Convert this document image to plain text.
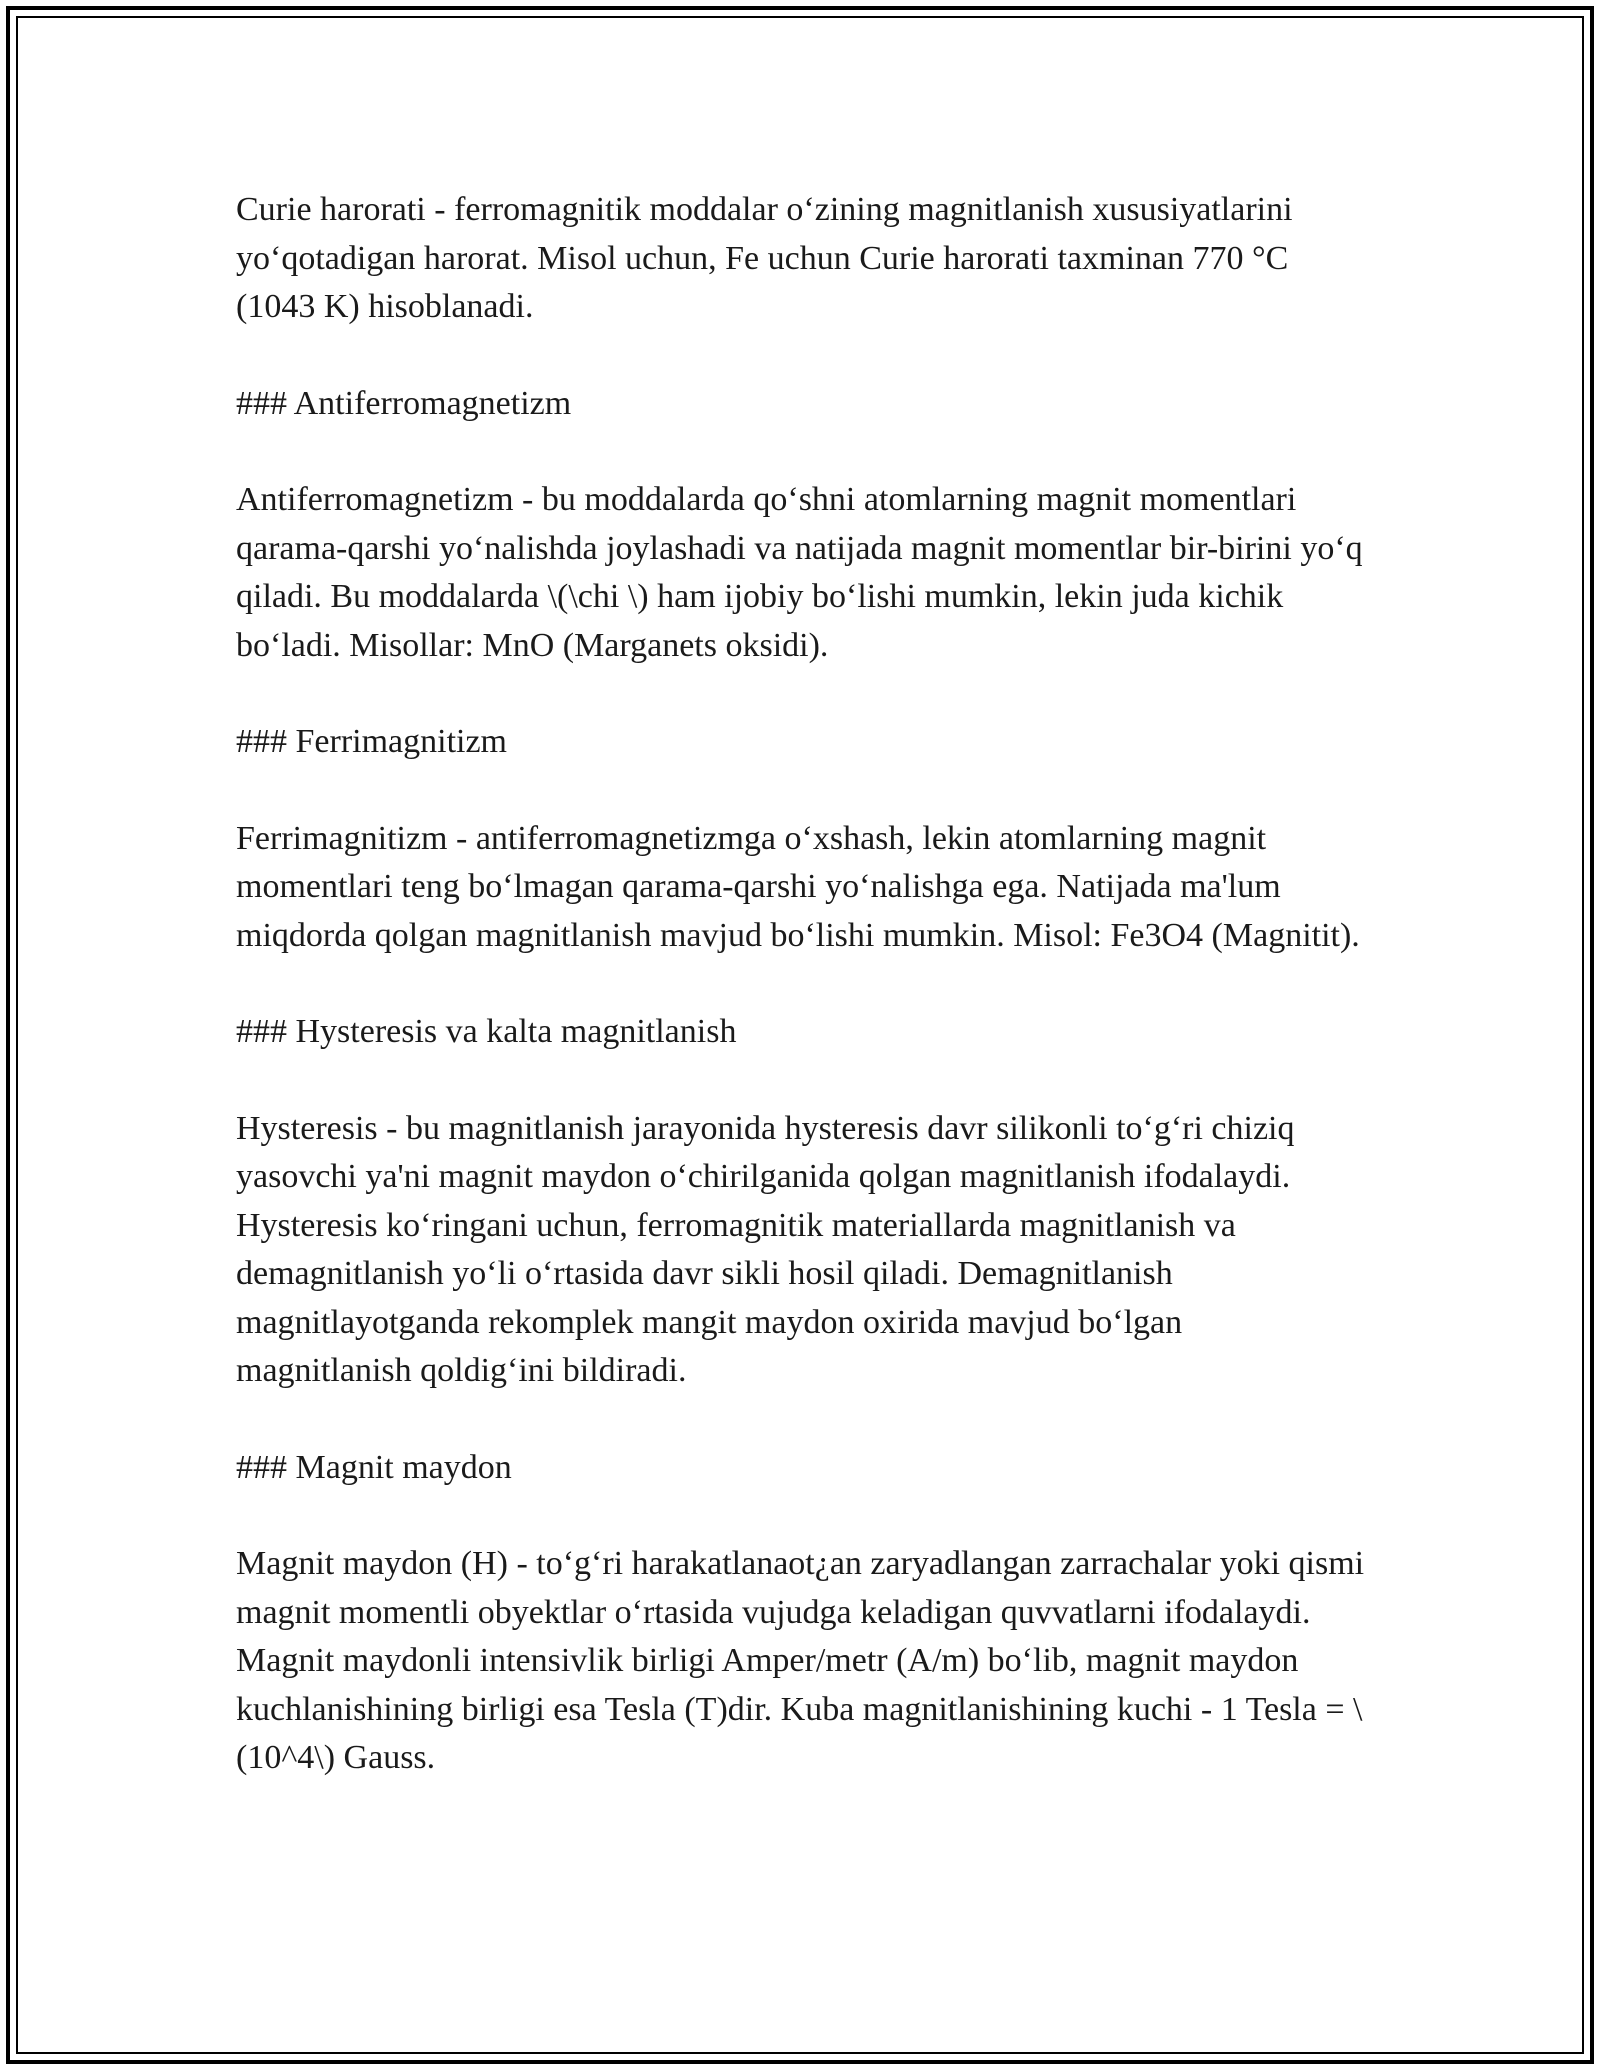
Curie harorati - ferromagnitik moddalar o‘zining magnitlanish xususiyatlarini yo‘qotadigan harorat. Misol uchun, Fe uchun Curie harorati taxminan 770 °C (1043 K) hisoblanadi.

### Antiferromagnetizm

Antiferromagnetizm - bu moddalarda qo‘shni atomlarning magnit momentlari qarama-qarshi yo‘nalishda joylashadi va natijada magnit momentlar bir-birini yo‘q qiladi. Bu moddalarda \(\chi \) ham ijobiy bo‘lishi mumkin, lekin juda kichik bo‘ladi. Misollar: MnO (Marganets oksidi).

### Ferrimagnitizm

Ferrimagnitizm - antiferromagnetizmga o‘xshash, lekin atomlarning magnit momentlari teng bo‘lmagan qarama-qarshi yo‘nalishga ega. Natijada ma'lum miqdorda qolgan magnitlanish mavjud bo‘lishi mumkin. Misol: Fe3O4 (Magnitit).

### Hysteresis va kalta magnitlanish

Hysteresis - bu magnitlanish jarayonida hysteresis davr silikonli to‘g‘ri chiziq yasovchi ya'ni magnit maydon o‘chirilganida qolgan magnitlanish ifodalaydi. Hysteresis ko‘ringani uchun, ferromagnitik materiallarda magnitlanish va demagnitlanish yo‘li o‘rtasida davr sikli hosil qiladi. Demagnitlanish magnitlayotganda rekomplek mangit maydon oxirida mavjud bo‘lgan magnitlanish qoldig‘ini bildiradi.

### Magnit maydon

Magnit maydon (H) - to‘g‘ri harakatlanaot¿an zaryadlangan zarrachalar yoki qismi magnit momentli obyektlar o‘rtasida vujudga keladigan quvvatlarni ifodalaydi. Magnit maydonli intensivlik birligi Amper/metr (A/m) bo‘lib, magnit maydon kuchlanishining birligi esa Tesla (T)dir. Kuba magnitlanishining kuchi - 1 Tesla = \(10^4\) Gauss.
